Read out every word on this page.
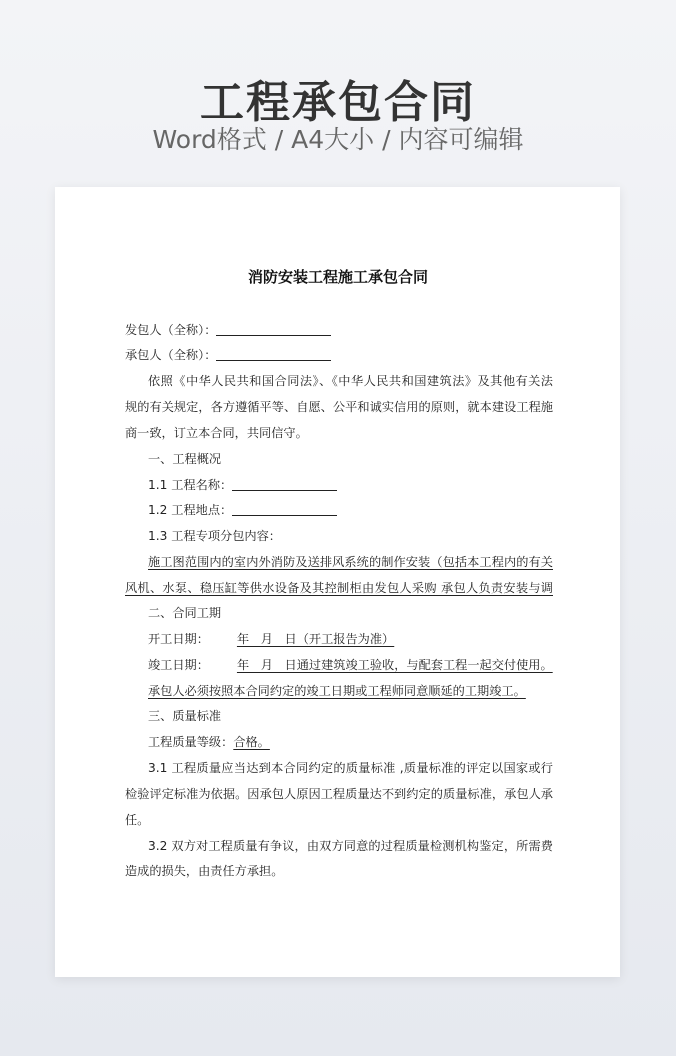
工程承包合同
Word格式 / A4大小 / 内容可编辑
消防安装工程施工承包合同
发包人（全称）：
承包人（全称）：
依照《中华人民共和国合同法》、《中华人民共和国建筑法》及其他有关法
规的有关规定，各方遵循平等、自愿、公平和诚实信用的原则，就本建设工程施
商一致，订立本合同，共同信守。
一、工程概况
1.1 工程名称：
1.2 工程地点：
1.3 工程专项分包内容：
施工图范围内的室内外消防及送排风系统的制作安装（包括本工程内的有关
风机、水泵、稳压缸等供水设备及其控制柜由发包人采购 承包人负责安装与调
二、合同工期
开工日期： 年   月   日（开工报告为准）
竣工日期： 年   月   日通过建筑竣工验收，与配套工程一起交付使用。
承包人必须按照本合同约定的竣工日期或工程师同意顺延的工期竣工。
三、质量标准
工程质量等级：合格。
3.1 工程质量应当达到本合同约定的质量标准 ,质量标准的评定以国家或行
检验评定标准为依据。因承包人原因工程质量达不到约定的质量标准，承包人承
任。
3.2 双方对工程质量有争议，由双方同意的过程质量检测机构鉴定，所需费
造成的损失，由责任方承担。
